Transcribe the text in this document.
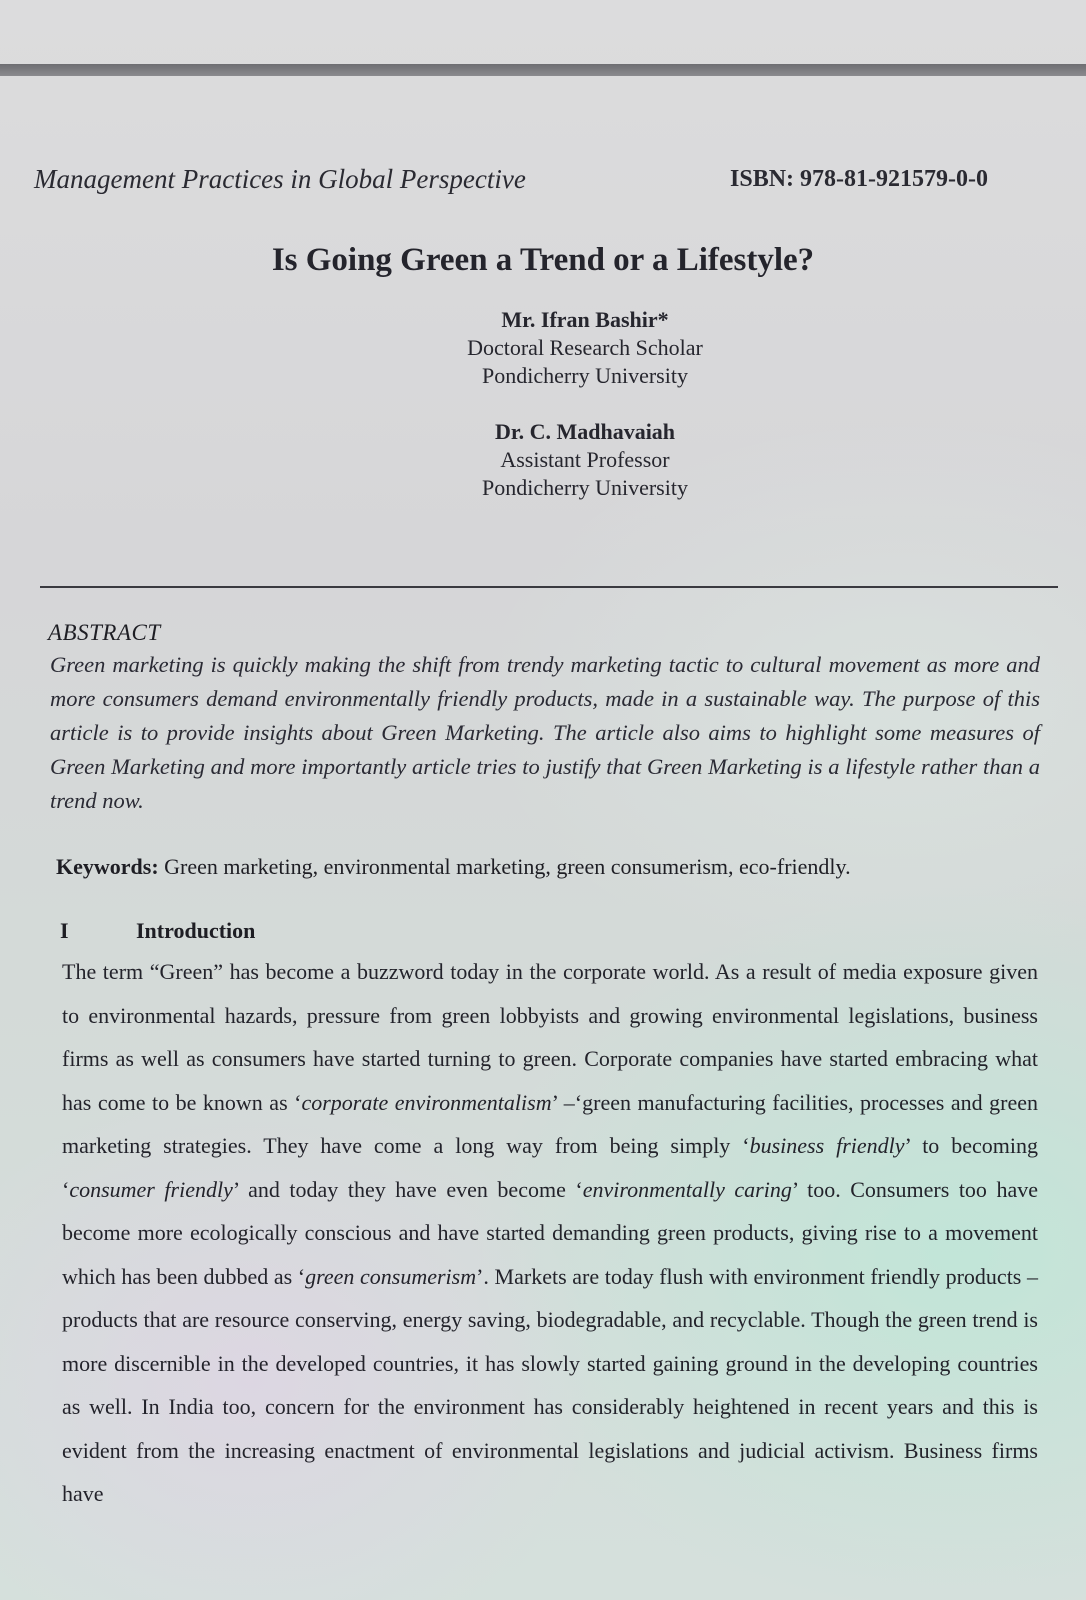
Management Practices in Global Perspective	ISBN: 978-81-921579-0-0
Is Going Green a Trend or a Lifestyle?
Mr. Ifran Bashir*
Doctoral Research Scholar
Pondicherry University
Dr. C. Madhavaiah
Assistant Professor
Pondicherry University
ABSTRACT
Green marketing is quickly making the shift from trendy marketing tactic to cultural movement as more and more consumers demand environmentally friendly products, made in a sustainable way. The purpose of this article is to provide insights about Green Marketing. The article also aims to highlight some measures of Green Marketing and more importantly article tries to justify that Green Marketing is a lifestyle rather than a trend now.
Keywords: Green marketing, environmental marketing, green consumerism, eco-friendly.
I	Introduction
The term “Green” has become a buzzword today in the corporate world. As a result of media exposure given to environmental hazards, pressure from green lobbyists and growing environmental legislations, business firms as well as consumers have started turning to green. Corporate companies have started embracing what has come to be known as ‘corporate environmentalism’ –‘green manufacturing facilities, processes and green marketing strategies. They have come a long way from being simply ‘business friendly’ to becoming ‘consumer friendly’ and today they have even become ‘environmentally caring’ too. Consumers too have become more ecologically conscious and have started demanding green products, giving rise to a movement which has been dubbed as ‘green consumerism’. Markets are today flush with environment friendly products – products that are resource conserving, energy saving, biodegradable, and recyclable. Though the green trend is more discernible in the developed countries, it has slowly started gaining ground in the developing countries as well. In India too, concern for the environment has considerably heightened in recent years and this is evident from the increasing enactment of environmental legislations and judicial activism. Business firms have
